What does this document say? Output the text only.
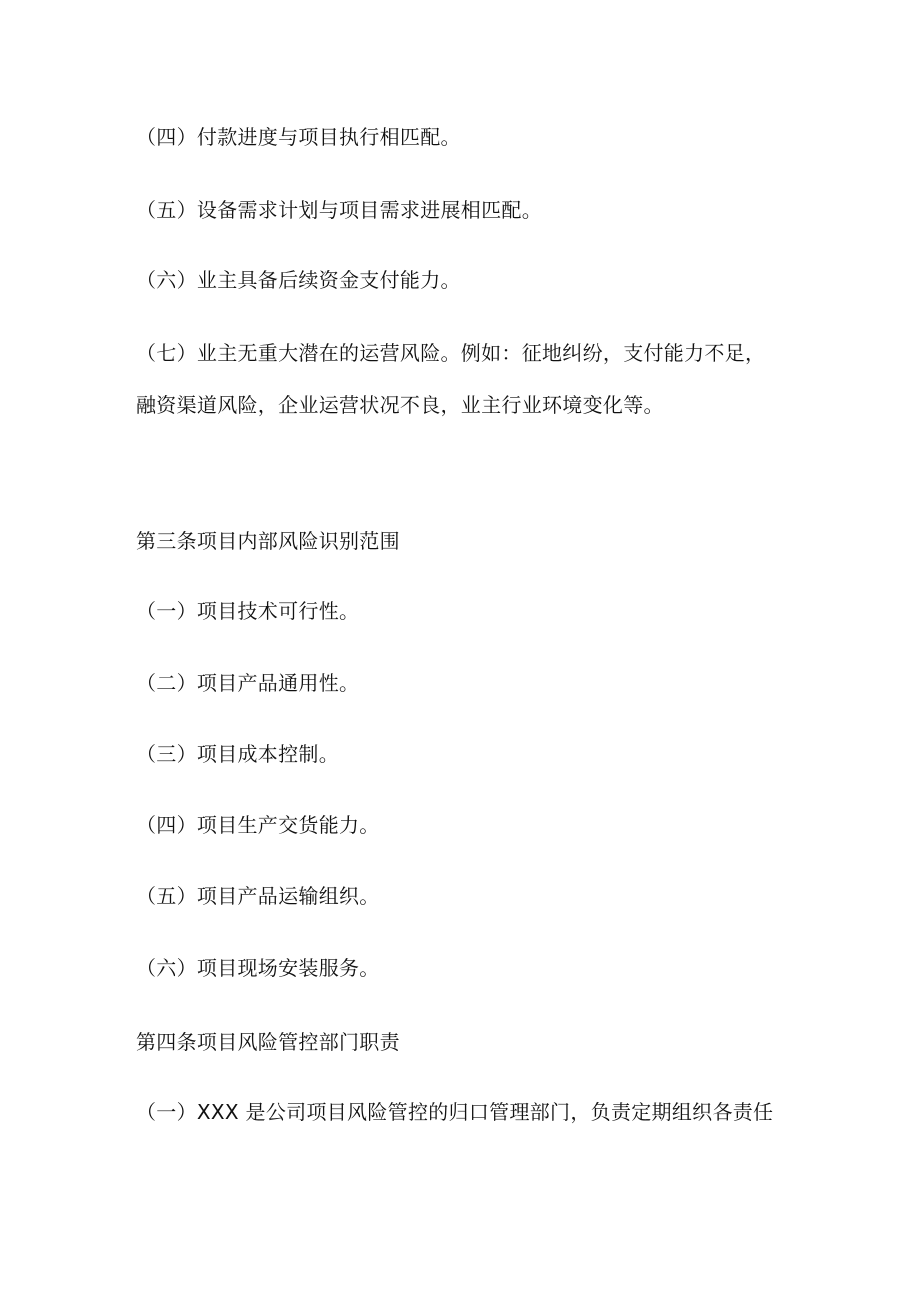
（四）付款进度与项目执行相匹配。
（五）设备需求计划与项目需求进展相匹配。
（六）业主具备后续资金支付能力。
（七）业主无重大潜在的运营风险。例如：征地纠纷，支付能力不足，融资渠道风险，企业运营状况不良，业主行业环境变化等。
第三条项目内部风险识别范围
（一）项目技术可行性。
（二）项目产品通用性。
（三）项目成本控制。
（四）项目生产交货能力。
（五）项目产品运输组织。
（六）项目现场安装服务。
第四条项目风险管控部门职责
（一）XXX 是公司项目风险管控的归口管理部门，负责定期组织各责任
